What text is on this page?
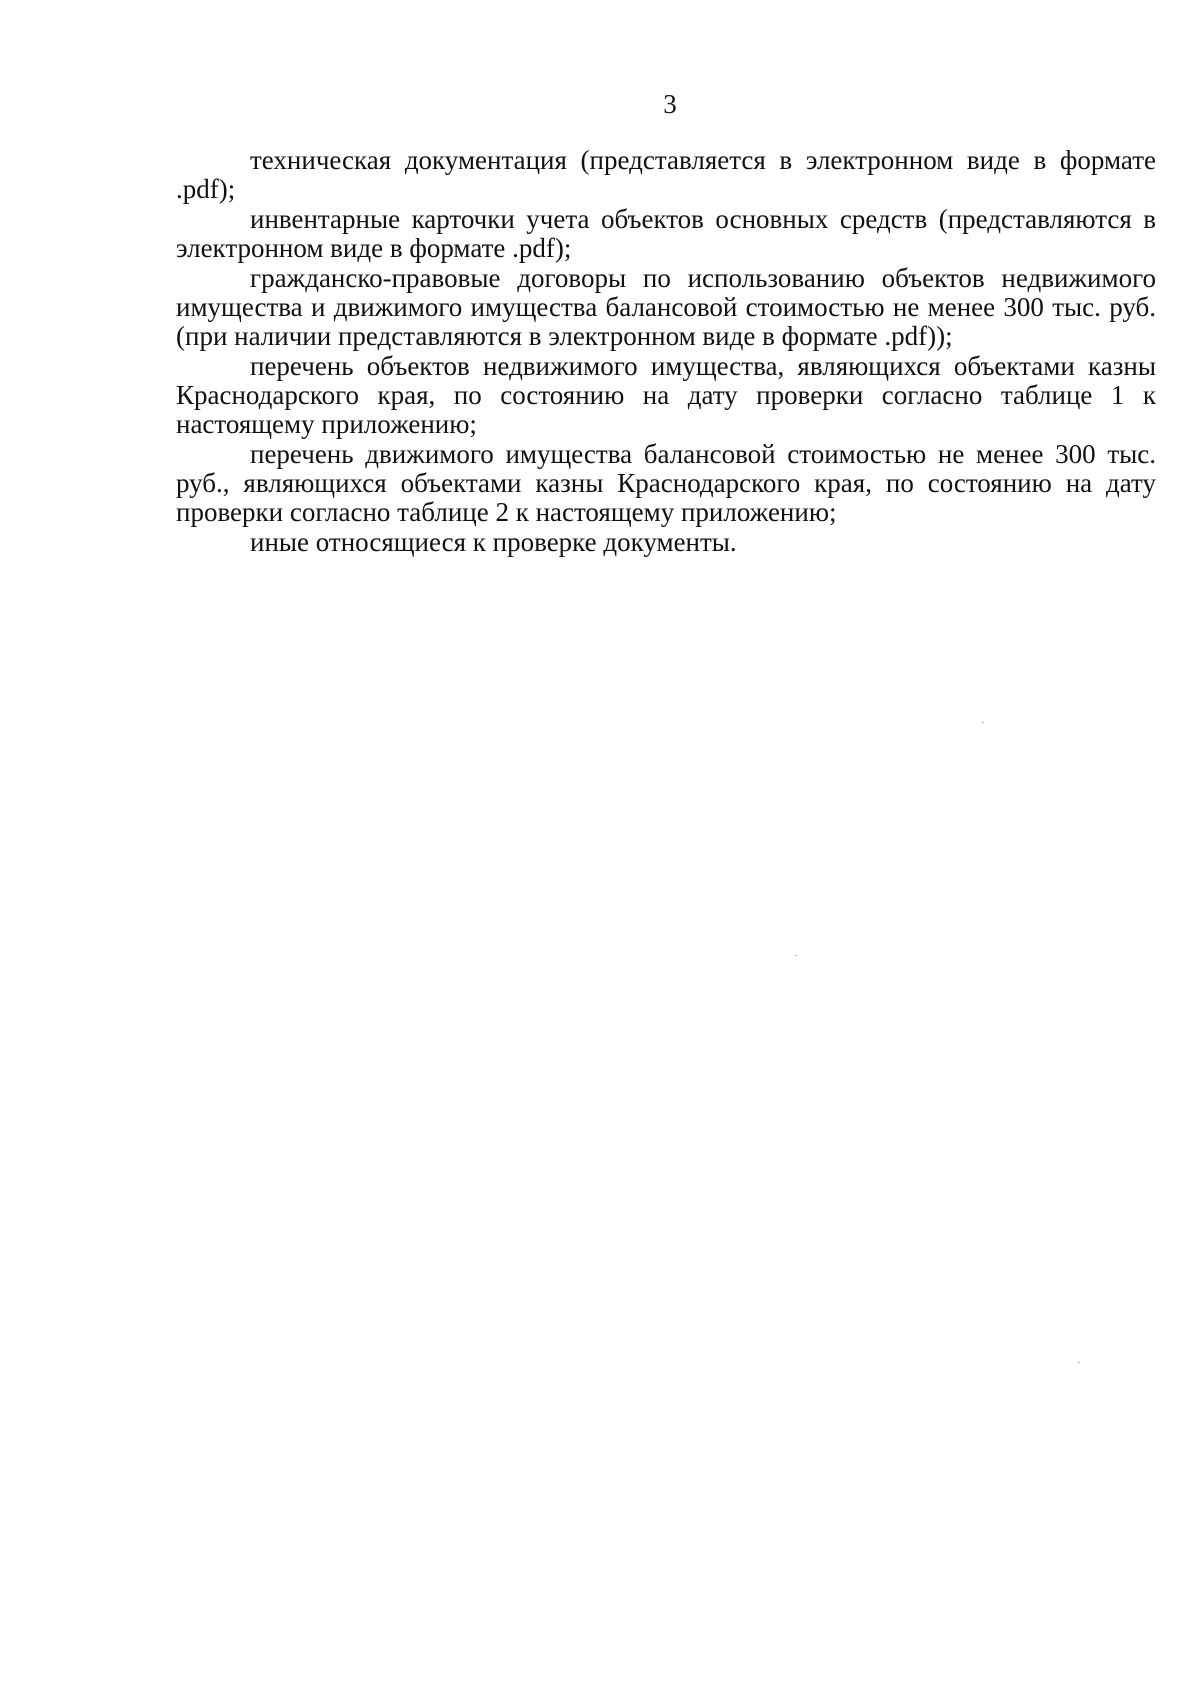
3

техническая документация (представляется в электронном виде в формате .pdf);

инвентарные карточки учета объектов основных средств (представляются в электронном виде в формате .pdf);

гражданско-правовые договоры по использованию объектов недвижимого имущества и движимого имущества балансовой стоимостью не менее 300 тыс. руб. (при наличии представляются в электронном виде в формате .pdf));

перечень объектов недвижимого имущества, являющихся объектами казны Краснодарского края, по состоянию на дату проверки согласно таблице 1 к настоящему приложению;

перечень движимого имущества балансовой стоимостью не менее 300 тыс. руб., являющихся объектами казны Краснодарского края, по состоянию на дату проверки согласно таблице 2 к настоящему приложению;

иные относящиеся к проверке документы.
